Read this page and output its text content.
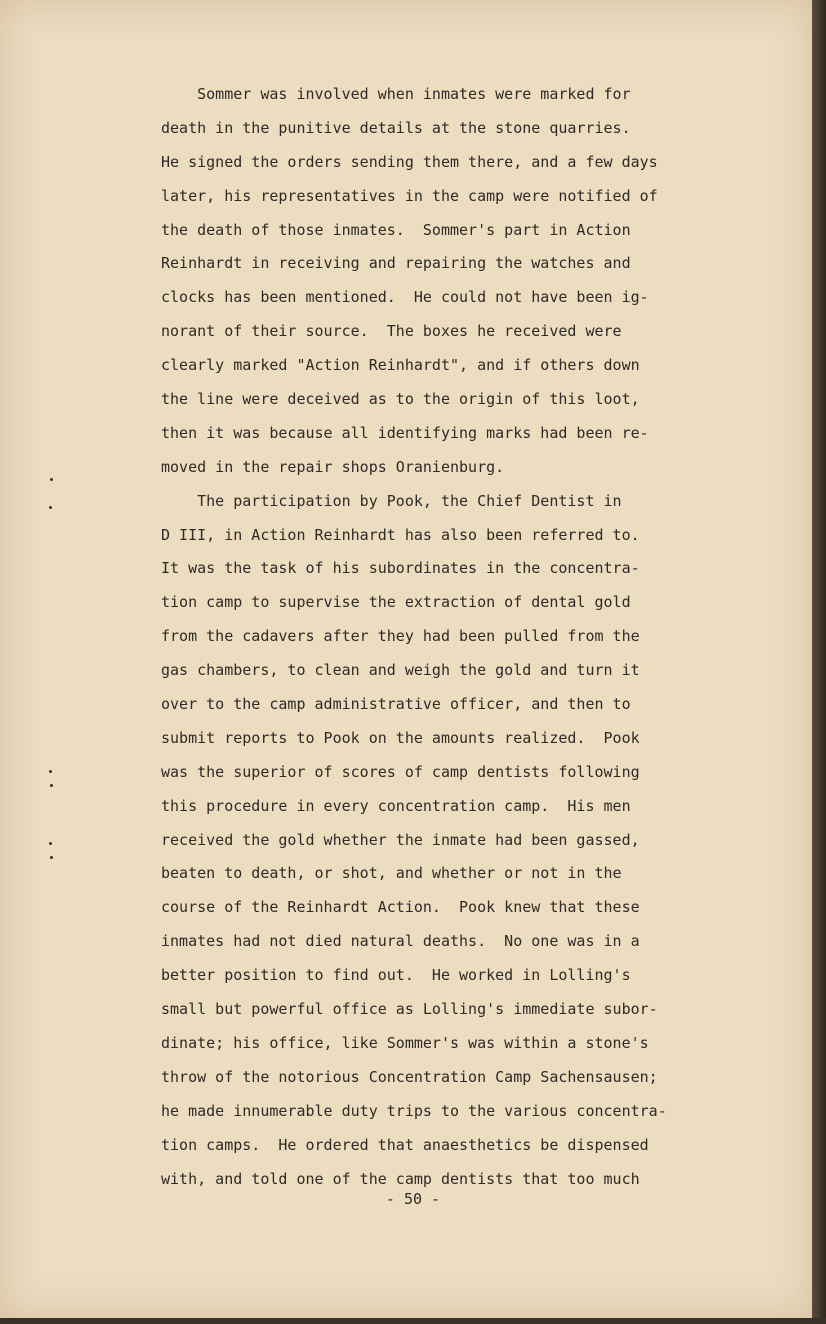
Sommer was involved when inmates were marked for
death in the punitive details at the stone quarries.
He signed the orders sending them there, and a few days
later, his representatives in the camp were notified of
the death of those inmates.  Sommer's part in Action
Reinhardt in receiving and repairing the watches and
clocks has been mentioned.  He could not have been ig-
norant of their source.  The boxes he received were
clearly marked "Action Reinhardt", and if others down
the line were deceived as to the origin of this loot,
then it was because all identifying marks had been re-
moved in the repair shops Oranienburg.
The participation by Pook, the Chief Dentist in
D III, in Action Reinhardt has also been referred to.
It was the task of his subordinates in the concentra-
tion camp to supervise the extraction of dental gold
from the cadavers after they had been pulled from the
gas chambers, to clean and weigh the gold and turn it
over to the camp administrative officer, and then to
submit reports to Pook on the amounts realized.  Pook
was the superior of scores of camp dentists following
this procedure in every concentration camp.  His men
received the gold whether the inmate had been gassed,
beaten to death, or shot, and whether or not in the
course of the Reinhardt Action.  Pook knew that these
inmates had not died natural deaths.  No one was in a
better position to find out.  He worked in Lolling's
small but powerful office as Lolling's immediate subor-
dinate; his office, like Sommer's was within a stone's
throw of the notorious Concentration Camp Sachensausen;
he made innumerable duty trips to the various concentra-
tion camps.  He ordered that anaesthetics be dispensed
with, and told one of the camp dentists that too much
- 50 -
